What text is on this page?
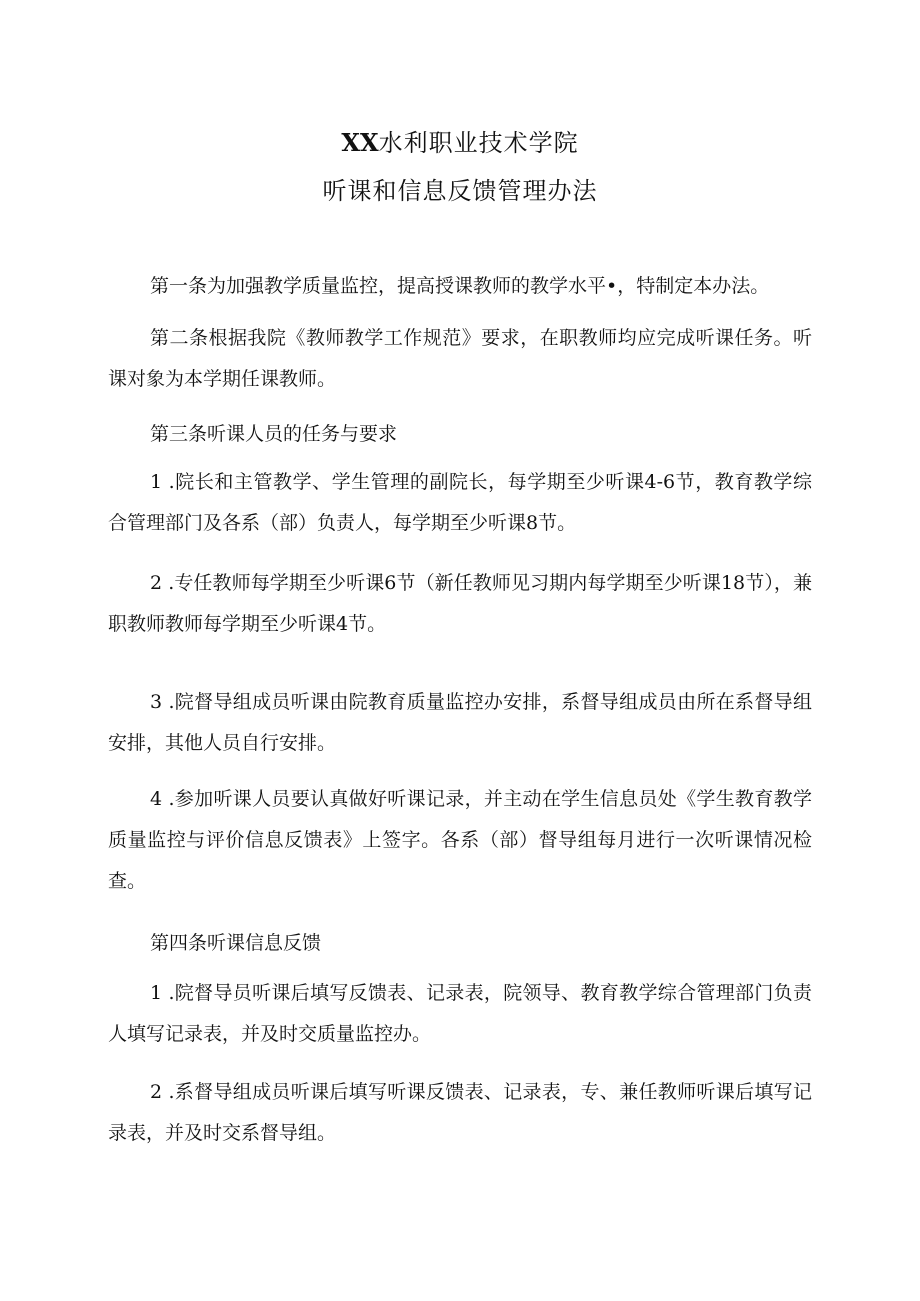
XX水利职业技术学院
听课和信息反馈管理办法

第一条为加强教学质量监控，提高授课教师的教学水平•，特制定本办法。

第二条根据我院《教师教学工作规范》要求，在职教师均应完成听课任务。听课对象为本学期任课教师。

第三条听课人员的任务与要求

1 .院长和主管教学、学生管理的副院长，每学期至少听课4-6节，教育教学综合管理部门及各系（部）负责人，每学期至少听课8节。

2 .专任教师每学期至少听课6节（新任教师见习期内每学期至少听课18节），兼职教师教师每学期至少听课4节。

3 .院督导组成员听课由院教育质量监控办安排，系督导组成员由所在系督导组安排，其他人员自行安排。

4 .参加听课人员要认真做好听课记录，并主动在学生信息员处《学生教育教学质量监控与评价信息反馈表》上签字。各系（部）督导组每月进行一次听课情况检查。

第四条听课信息反馈

1 .院督导员听课后填写反馈表、记录表，院领导、教育教学综合管理部门负责人填写记录表，并及时交质量监控办。

2 .系督导组成员听课后填写听课反馈表、记录表，专、兼任教师听课后填写记录表，并及时交系督导组。
